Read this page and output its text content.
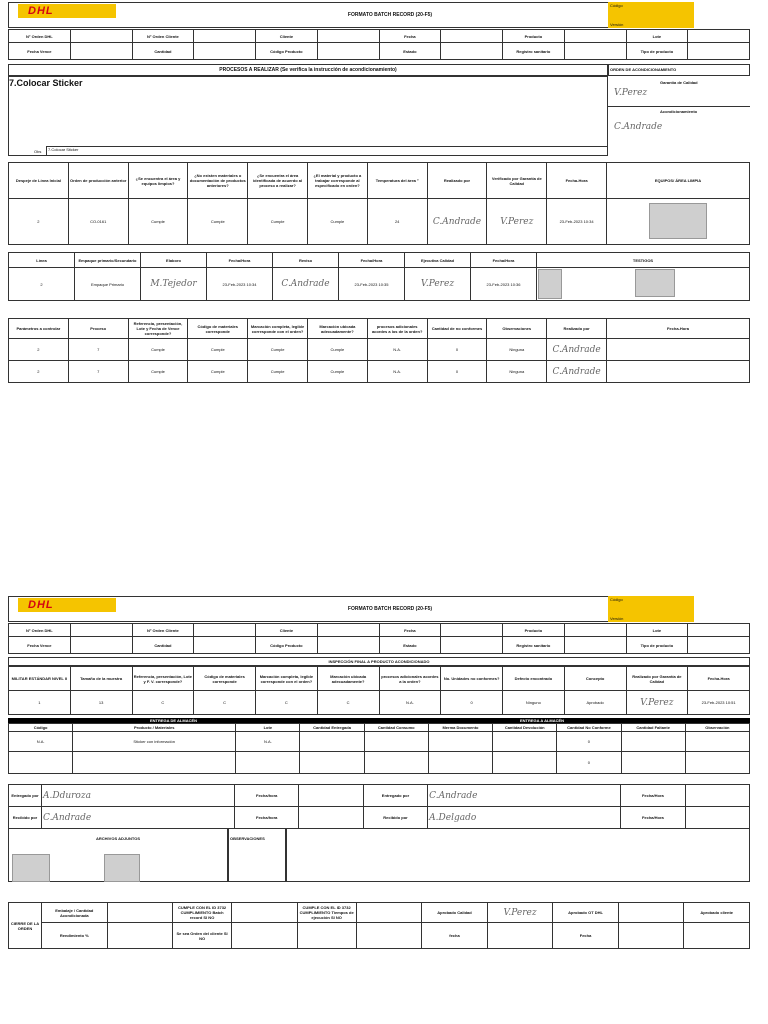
DHL	FORMATO BATCH RECORD (20-F5)
Código
Versión
N° Orden DHL		N° Orden Cliente		Cliente		Fecha		Producto		Lote	
Fecha Vence		Cantidad		Código Producto		Estado		Registro sanitario		Tipo de producto	
PROCESOS A REALIZAR (Se verifica la instrucción de acondicionamiento)	ORDEN DE ACONDICIONAMIENTO
7.Colocar Sticker
Obs 7.Colocar Sticker
Garantía de Calidad
V.Perez
Acondicionamiento
C.Andrade
Despeje de Línea Inicial	Orden de producción anterior	¿Se encuentra el área y equipos limpios?	¿No existen materiales o documentación de productos anteriores?	¿Se encuentra el área identificada de acuerdo al proceso a realizar?	¿El material y producto a trabajar corresponde al especificado en orden?	Temperatura del área °	Realizado por	Verificado por Garantía de Calidad	Fecha-Hora	EQUIPOS/ ÁREA LIMPIA
2	CO-0161	Cumple	Cumple	Cumple	Cumple	24	C.Andrade	V.Perez	23-Feb-2023 10:34	
Línea	Empaque primario/Secundario	Elaboro	Fecha/Hora	Reviso	Fecha/Hora	Ejecutiva Calidad	Fecha/Hora	TESTIGOS
2	Empaque Primario	M.Tejedor	23-Feb-2023 10:34	C.Andrade	23-Feb-2023 10:35	V.Perez	23-Feb-2023 10:36	
Parámetros a controlar	Proceso	Referencia, presentación, Lote y Fecha de Vence corresponde?	Código de materiales corresponde	Marcación completa, legible corresponde con el orden?	Marcación ubicada adecuadamente?	procesos adicionales acordes a los de la orden?	Cantidad de no conformes	Observaciones	Realizado por	Fecha-Hora
2	7	Cumple	Cumple	Cumple	Cumple	N.A.	0	Ninguna	C.Andrade	
2	7	Cumple	Cumple	Cumple	Cumple	N.A.	0	Ninguna	C.Andrade	
DHL	FORMATO BATCH RECORD (20-F5)
Código
Versión
N° Orden DHL		N° Orden Cliente		Cliente		Fecha		Producto		Lote	
Fecha Vence		Cantidad		Código Producto		Estado		Registro sanitario		Tipo de producto	
INSPECCIÓN FINAL A PRODUCTO ACONDICIONADO
MILITAR ESTÁNDAR NIVEL II	Tamaño de la muestra	Referencia, presentación, Lote y F. V. corresponde?	Código de materiales corresponde	Marcación completa, legible corresponde con el orden?	Marcación ubicada adecuadamente?	procesos adicionales acordes a la orden?	No. Unidades no conformes?	Defecto encontrado	Concepto	Realizado por Garantía de Calidad	Fecha-Hora
1	13	C	C	C	C	N.A.	0	Ninguno	Aprobado	V.Perez	23-Feb-2023 10:51
ENTREGA DE ALMACÉN	ENTREGA A ALMACÉN
Código	Producto / Materiales	Lote	Cantidad Entregada	Cantidad Consumo	Merma Documento	Cantidad Devolución	Cantidad No Conforme	Cantidad Faltante	Observación
N.A.	Sticker con información	N.A.					0		
							0		
Entregado por	A.Dduroza	Fecha/hora		Entregado por	C.Andrade	Fecha/Hora	
Recibido por	C.Andrade	Fecha/hora		Recibido por	A.Delgado	Fecha/Hora	
ARCHIVOS ADJUNTOS	OBSERVACIONES
CIERRE DE LA ORDEN	Embalaje / Cantidad Acondicionada		CUMPLE CON EL ID 3732 CUMPLIMIENTO Batch record SI NO		CUMPLE CON EL ID 3732 CUMPLIMIENTO Tiempos de ejecución SI NO		Aprobado Calidad	V.Perez	Aprobado OT DHL		Aprobado cliente
	Rendimiento %		Se sea Orden del cliente SI NO				fecha		Fecha		
